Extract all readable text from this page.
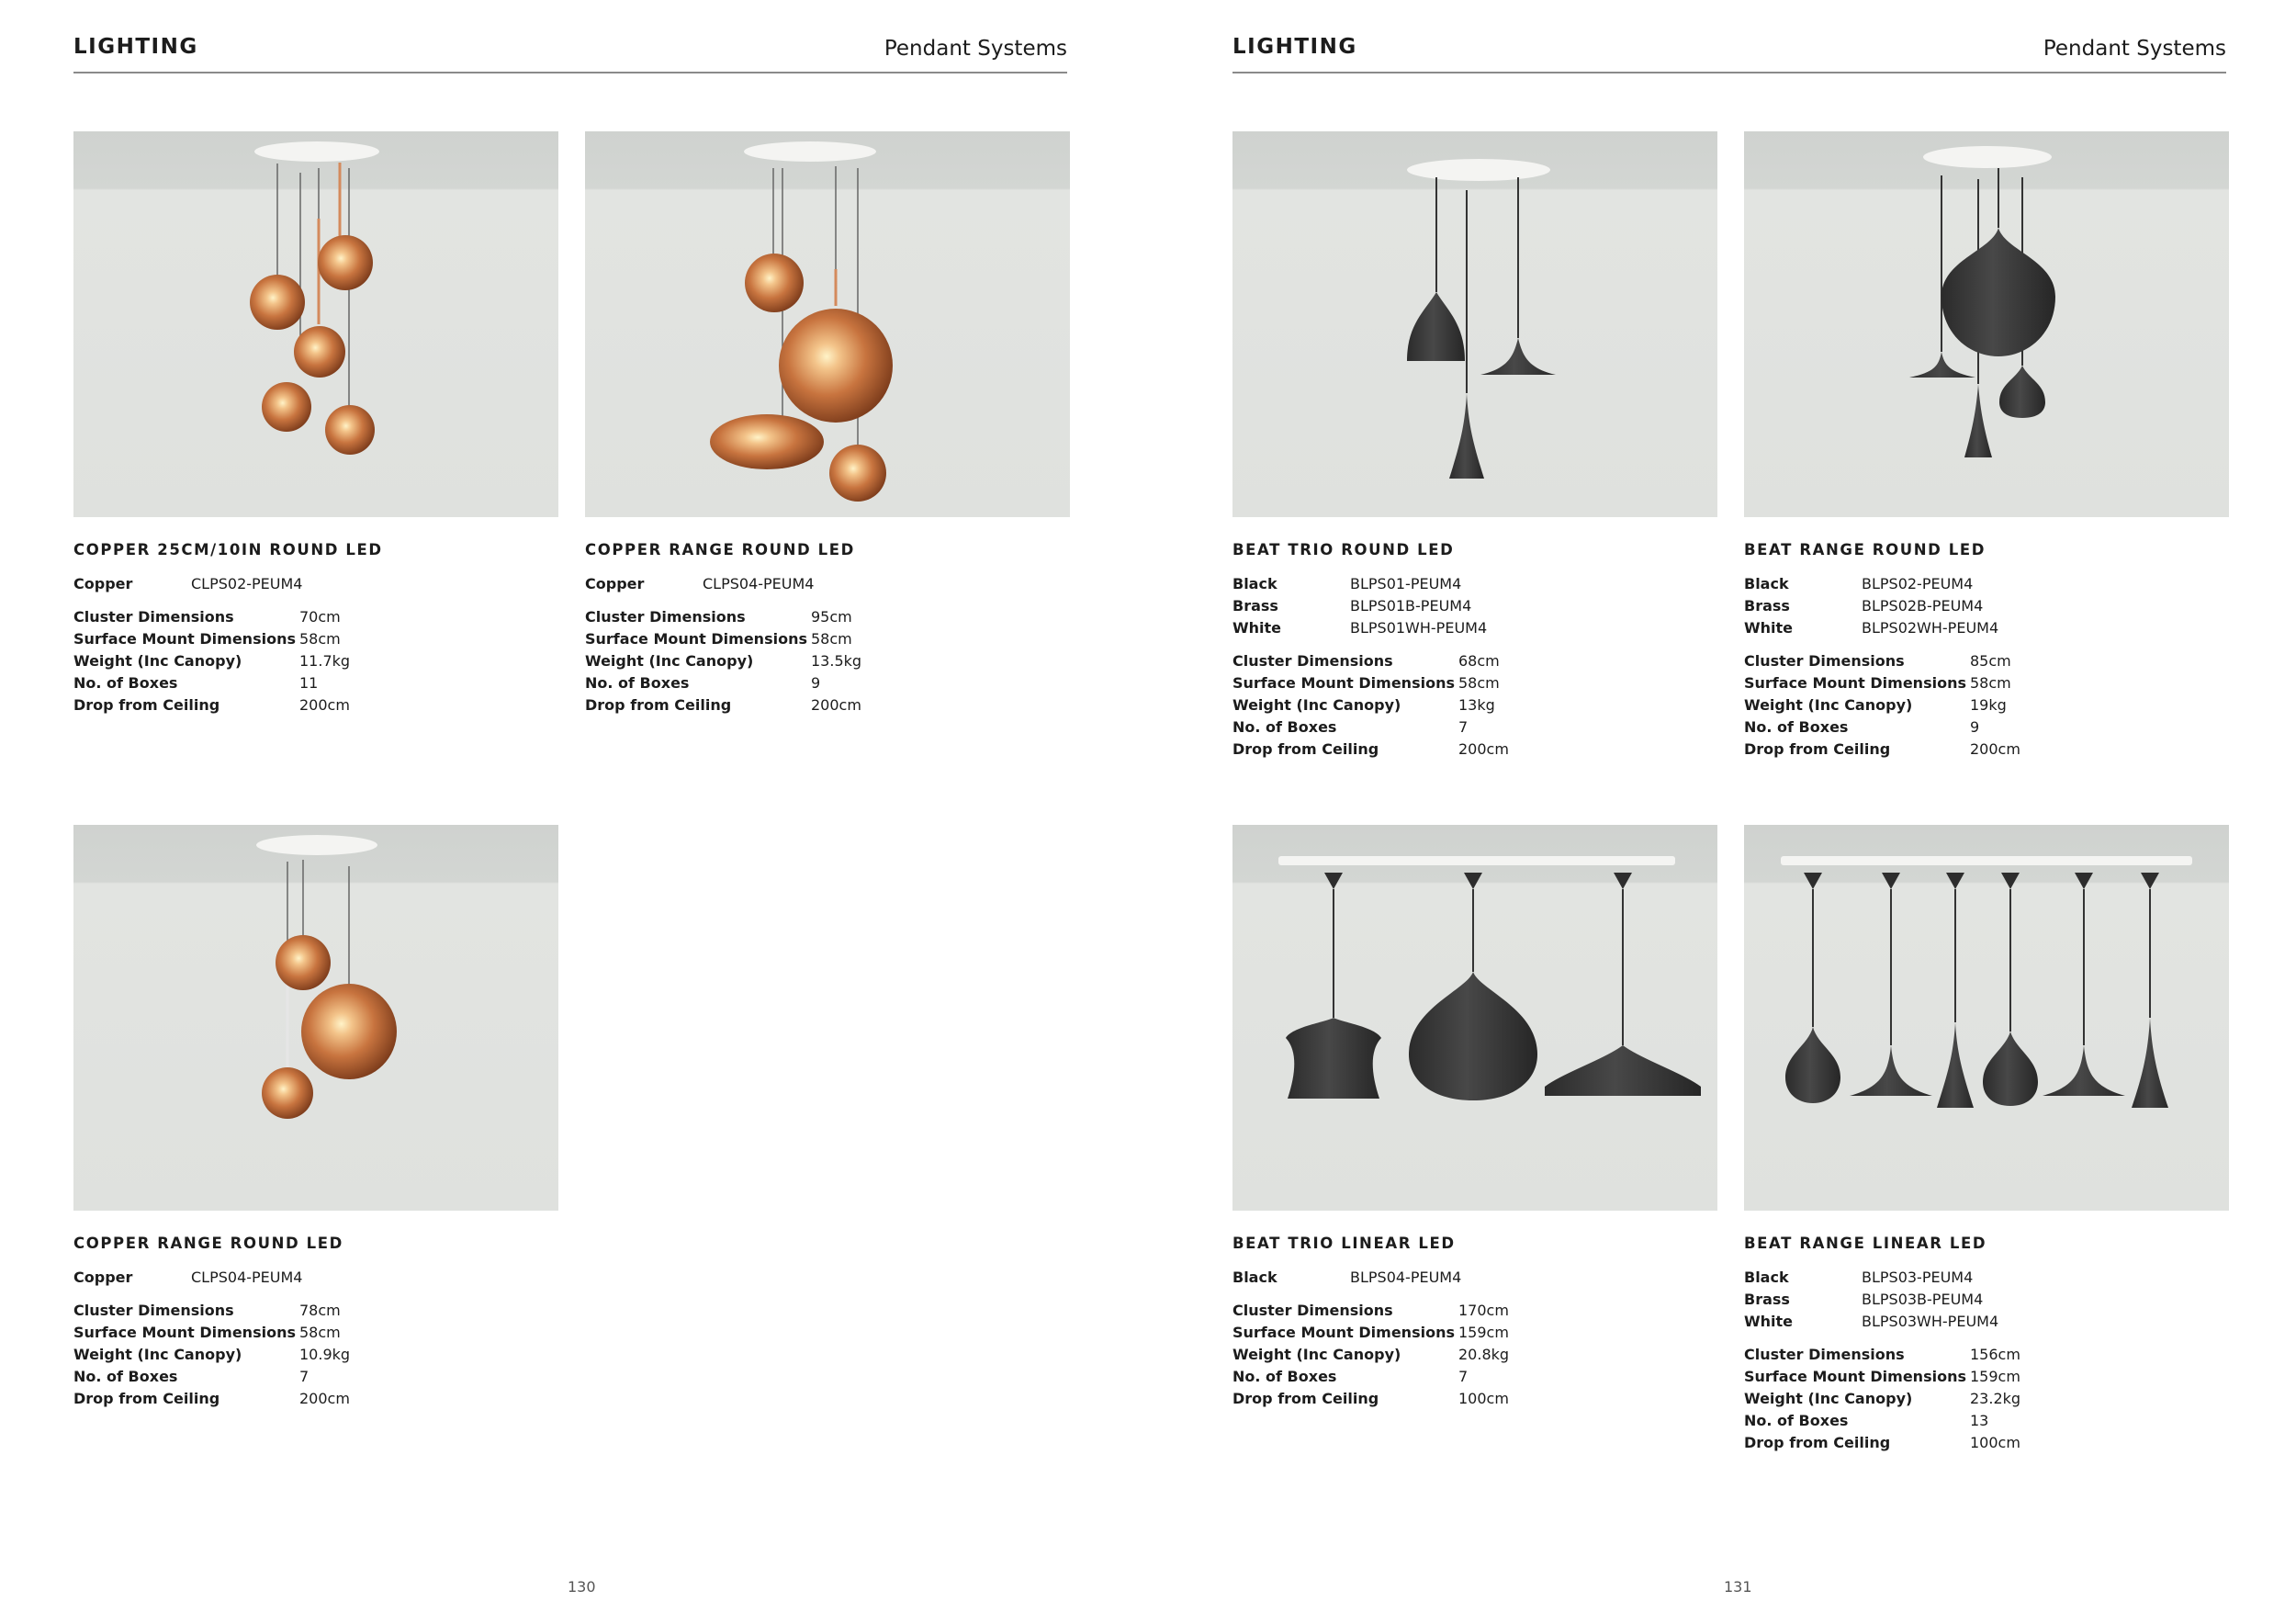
LIGHTING	Pendant Systems
COPPER 25CM/10IN ROUND LED
Copper	CLPS02-PEUM4
Cluster Dimensions	70cm
Surface Mount Dimensions 58cm
Weight (Inc Canopy)	11.7kg
No. of Boxes	11
Drop from Ceiling	200cm
COPPER RANGE ROUND LED
Copper	CLPS04-PEUM4
Cluster Dimensions	95cm
Surface Mount Dimensions 58cm
Weight (Inc Canopy)	13.5kg
No. of Boxes	9
Drop from Ceiling	200cm
COPPER RANGE ROUND LED
Copper	CLPS04-PEUM4
Cluster Dimensions	78cm
Surface Mount Dimensions 58cm
Weight (Inc Canopy)	10.9kg
No. of Boxes	7
Drop from Ceiling	200cm
130
LIGHTING	Pendant Systems
BEAT TRIO ROUND LED
Black	BLPS01-PEUM4
Brass	BLPS01B-PEUM4
White	BLPS01WH-PEUM4
Cluster Dimensions	68cm
Surface Mount Dimensions 58cm
Weight (Inc Canopy)	13kg
No. of Boxes	7
Drop from Ceiling	200cm
BEAT RANGE ROUND LED
Black	BLPS02-PEUM4
Brass	BLPS02B-PEUM4
White	BLPS02WH-PEUM4
Cluster Dimensions	85cm
Surface Mount Dimensions 58cm
Weight (Inc Canopy)	19kg
No. of Boxes	9
Drop from Ceiling	200cm
BEAT TRIO LINEAR LED
Black	BLPS04-PEUM4
Cluster Dimensions	170cm
Surface Mount Dimensions 159cm
Weight (Inc Canopy)	20.8kg
No. of Boxes	7
Drop from Ceiling	100cm
BEAT RANGE LINEAR LED
Black	BLPS03-PEUM4
Brass	BLPS03B-PEUM4
White	BLPS03WH-PEUM4
Cluster Dimensions	156cm
Surface Mount Dimensions 159cm
Weight (Inc Canopy)	23.2kg
No. of Boxes	13
Drop from Ceiling	100cm
131
